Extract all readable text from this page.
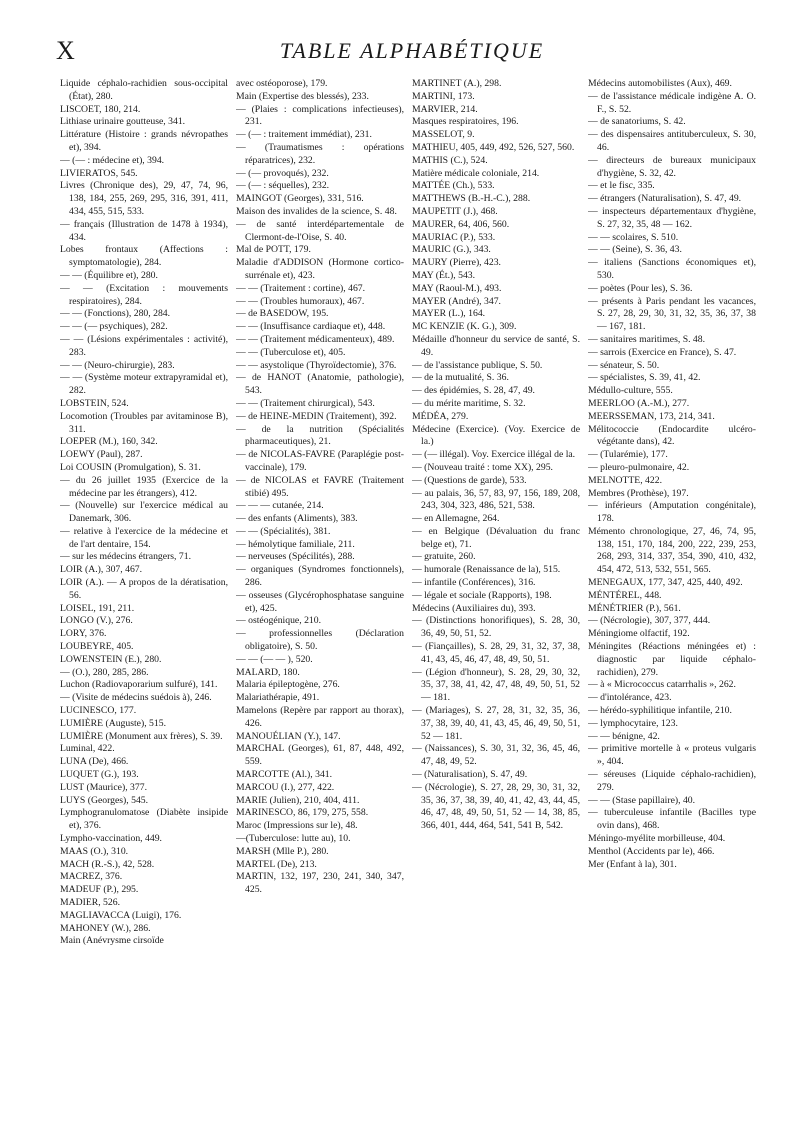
X	TABLE ALPHABÉTIQUE

Liquide céphalo-rachidien sous-occipital (État), 280.

LISCOET, 180, 214.

Lithiase urinaire goutteuse, 341.

Littérature (Histoire : grands névropathes et), 394.

— (— : médecine et), 394.

LIVIERATOS, 545.

Livres (Chronique des), 29, 47, 74, 96, 138, 184, 255, 269, 295, 316, 391, 411, 434, 455, 515, 533.

— français (Illustration de 1478 à 1934), 434.

Lobes frontaux (Affections : symptomatologie), 284.

— — (Équilibre et), 280.

— — (Excitation : mouvements respiratoires), 284.

— — (Fonctions), 280, 284.

— — (— psychiques), 282.

— — (Lésions expérimentales : activité), 283.

— — (Neuro-chirurgie), 283.

— — (Système moteur extrapyramidal et), 282.

LOBSTEIN, 524.

Locomotion (Troubles par avitaminose B), 311.

LOEPER (M.), 160, 342.

LOEWY (Paul), 287.

Loi COUSIN (Promulgation), S. 31.

— du 26 juillet 1935 (Exercice de la médecine par les étrangers), 412.

— (Nouvelle) sur l'exercice médical au Danemark, 306.

— relative à l'exercice de la médecine et de l'art dentaire, 154.

— sur les médecins étrangers, 71.

LOIR (A.), 307, 467.

LOIR (A.). — A propos de la dératisation, 56.

LOISEL, 191, 211.

LONGO (V.), 276.

LORY, 376.

LOUBEYRE, 405.

LOWENSTEIN (E.), 280.

— (O.), 280, 285, 286.

Luchon (Radiovaporarium sulfuré), 141.

— (Visite de médecins suédois à), 246.

LUCINESCO, 177.

LUMIÈRE (Auguste), 515.

LUMIÈRE (Monument aux frères), S. 39.

Luminal, 422.

LUNA (De), 466.

LUQUET (G.), 193.

LUST (Maurice), 377.

LUYS (Georges), 545.

Lymphogranulomatose (Diabète insipide et), 376.

Lympho-vaccination, 449.

MAAS (O.), 310.

MACH (R.-S.), 42, 528.

MACREZ, 376.

MADEUF (P.), 295.

MADIER, 526.

MAGLIAVACCA (Luigi), 176.

MAHONEY (W.), 286.

Main (Anévrysme cirsoïde

avec ostéoporose), 179.

Main (Expertise des blessés), 233.

— (Plaies : complications infectieuses), 231.

— (— : traitement immédiat), 231.

— (Traumatismes : opérations réparatrices), 232.

— (— provoqués), 232.

— (— : séquelles), 232.

MAINGOT (Georges), 331, 516.

Maison des invalides de la science, S. 48.

— de santé interdépartementale de Clermont-de-l'Oise, S. 40.

Mal de POTT, 179.

Maladie d'ADDISON (Hormone cortico-surrénale et), 423.

— — (Traitement : cortine), 467.

— — (Troubles humoraux), 467.

— de BASEDOW, 195.

— — (Insuffisance cardiaque et), 448.

— — (Traitement médicamenteux), 489.

— — (Tuberculose et), 405.

— — asystolique (Thyroïdectomie), 376.

— de HANOT (Anatomie, pathologie), 543.

— — (Traitement chirurgical), 543.

— de HEINE-MEDIN (Traitement), 392.

— de la nutrition (Spécialités pharmaceutiques), 21.

— de NICOLAS-FAVRE (Paraplégie post-vaccinale), 179.

— de NICOLAS et FAVRE (Traitement stibié) 495.

— — — cutanée, 214.

— des enfants (Aliments), 383.

— — (Spécialités), 381.

— hémolytique familiale, 211.

— nerveuses (Spécilités), 288.

— organiques (Syndromes fonctionnels), 286.

— osseuses (Glycérophosphatase sanguine et), 425.

— ostéogénique, 210.

— professionnelles (Déclaration obligatoire), S. 50.

— — (— — ), 520.

MALARD, 180.

Malaria épileptogène, 276.

Malariathérapie, 491.

Mamelons (Repère par rapport au thorax), 426.

MANOUÉLIAN (Y.), 147.

MARCHAL (Georges), 61, 87, 448, 492, 559.

MARCOTTE (Al.), 341.

MARCOU (I.), 277, 422.

MARIE (Julien), 210, 404, 411.

MARINESCO, 86, 179, 275, 558.

Maroc (Impressions sur le), 48.

—(Tuberculose: lutte au), 10.

MARSH (Mlle P.), 280.

MARTEL (De), 213.

MARTIN, 132, 197, 230, 241, 340, 347, 425.

MARTINET (A.), 298.

MARTINI, 173.

MARVIER, 214.

Masques respiratoires, 196.

MASSELOT, 9.

MATHIEU, 405, 449, 492, 526, 527, 560.

MATHIS (C.), 524.

Matière médicale coloniale, 214.

MATTÉE (Ch.), 533.

MATTHEWS (B.-H.-C.), 288.

MAUPETIT (J.), 468.

MAURER, 64, 406, 560.

MAURIAC (P.), 533.

MAURIC (G.), 343.

MAURY (Pierre), 423.

MAY (Ét.), 543.

MAY (Raoul-M.), 493.

MAYER (André), 347.

MAYER (L.), 164.

MC KENZIE (K. G.), 309.

Médaille d'honneur du service de santé, S. 49.

— de l'assistance publique, S. 50.

— de la mutualité, S. 36.

— des épidémies, S. 28, 47, 49.

— du mérite maritime, S. 32.

MÉDÉA, 279.

Médecine (Exercice). (Voy. Exercice de la.)

— (— illégal). Voy. Exercice illégal de la.

— (Nouveau traité : tome XX), 295.

— (Questions de garde), 533.

— au palais, 36, 57, 83, 97, 156, 189, 208, 243, 304, 323, 486, 521, 538.

— en Allemagne, 264.

— en Belgique (Dévaluation du franc belge et), 71.

— gratuite, 260.

— humorale (Renaissance de la), 515.

— infantile (Conférences), 316.

— légale et sociale (Rapports), 198.

Médecins (Auxiliaires du), 393.

— (Distinctions honorifiques), S. 28, 30, 36, 49, 50, 51, 52.

— (Fiançailles), S. 28, 29, 31, 32, 37, 38, 41, 43, 45, 46, 47, 48, 49, 50, 51.

— (Légion d'honneur), S. 28, 29, 30, 32, 35, 37, 38, 41, 42, 47, 48, 49, 50, 51, 52 — 181.

— (Mariages), S. 27, 28, 31, 32, 35, 36, 37, 38, 39, 40, 41, 43, 45, 46, 49, 50, 51, 52 — 181.

— (Naissances), S. 30, 31, 32, 36, 45, 46, 47, 48, 49, 52.

— (Naturalisation), S. 47, 49.

— (Nécrologie), S. 27, 28, 29, 30, 31, 32, 35, 36, 37, 38, 39, 40, 41, 42, 43, 44, 45, 46, 47, 48, 49, 50, 51, 52 — 14, 38, 85, 366, 401, 444, 464, 541, 541 B, 542.

Médecins automobilistes (Aux), 469.

— de l'assistance médicale indigène A. O. F., S. 52.

— de sanatoriums, S. 42.

— des dispensaires antituberculeux, S. 30, 46.

— directeurs de bureaux municipaux d'hygiène, S. 32, 42.

— et le fisc, 335.

— étrangers (Naturalisation), S. 47, 49.

— inspecteurs départementaux d'hygiène, S. 27, 32, 35, 48 — 162.

— — scolaires, S. 510.

— — (Seine), S. 36, 43.

— italiens (Sanctions économiques et), 530.

— poètes (Pour les), S. 36.

— présents à Paris pendant les vacances, S. 27, 28, 29, 30, 31, 32, 35, 36, 37, 38 — 167, 181.

— sanitaires maritimes, S. 48.

— sarrois (Exercice en France), S. 47.

— sénateur, S. 50.

— spécialistes, S. 39, 41, 42.

Médullo-culture, 555.

MEERLOO (A.-M.), 277.

MEERSSEMAN, 173, 214, 341.

Mélitococcie (Endocardite ulcéro-végétante dans), 42.

— (Tularémie), 177.

— pleuro-pulmonaire, 42.

MELNOTTE, 422.

Membres (Prothèse), 197.

— inférieurs (Amputation congénitale), 178.

Mémento chronologique, 27, 46, 74, 95, 138, 151, 170, 184, 200, 222, 239, 253, 268, 293, 314, 337, 354, 390, 410, 432, 454, 472, 513, 532, 551, 565.

MENEGAUX, 177, 347, 425, 440, 492.

MÉNTÉREL, 448.

MÉNÉTRIER (P.), 561.

— (Nécrologie), 307, 377, 444.

Méningiome olfactif, 192.

Méningites (Réactions méningées et) : diagnostic par liquide céphalo-rachidien), 279.

— à « Micrococcus catarrhalis », 262.

— d'intolérance, 423.

— hérédo-syphilitique infantile, 210.

— lymphocytaire, 123.

— — bénigne, 42.

— primitive mortelle à « proteus vulgaris », 404.

— séreuses (Liquide céphalo-rachidien), 279.

— — (Stase papillaire), 40.

— tuberculeuse infantile (Bacilles type ovin dans), 468.

Méningo-myélite morbilleuse, 404.

Menthol (Accidents par le), 466.

Mer (Enfant à la), 301.
